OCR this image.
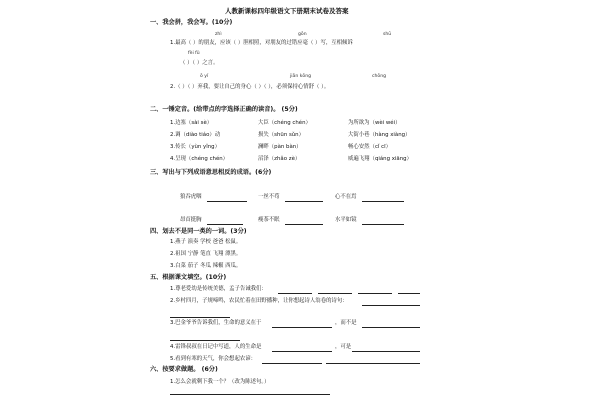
人教新课标四年级语文下册期末试卷及答案
一、我会拼，我会写。(10分)
zhì	gōn	shū
1.最高（ ）的朋友，应该（ ）胆相照，对朋友的过错应毫（ ）写，互相倾诉
fèi fǔ
（ ）（ ）之言。
ō yǐ	jiān kōng	chōng
2.（ ）（ ）弃我，要让自己的身心（ ）（ ），必须保持心情舒（ ）。
二、一锤定音。(给带点的字选择正确的读音)。 (5分)
1.边塞（sài sè）	大臣（chéng chén）	为所欲为（wèi wéi）
2.调（diào tiáo）动	损失（shūn sǔn）	大街小巷（hàng xiàng）
3.传长（yùn yǐng）	澜畔（pàn bàn）	畅心安然（cǐ cī）
4.呈现（chéng chén）	沼泽（zhǎo zè）	威遍飞翔（qiáng xiāng）
三、写出与下列成语意思相反的成语。(6分)
狼吞虎咽	一丝不苟	心不在焉
昂首挺胸	瘦茶不眠	水平如镜
四、划去不是同一类的一词。(3分)
1.燕子 演奏 学校 爸爸 松鼠。
2.祖国 宁静 笔直 飞翔 漂黑。
3.白菜 茄子 冬瓜 辣椒 西瓜。
五、根据课文填空。(10分)
1.尊老爱幼是传统美德，孟子告诫我们：
2.乡村四月，子规啼鸣，农民忙着在田野播种，让你想起诗人翁卷的诗句：
3.巴金爷爷告诉我们，生命的意义在于	，而不是
4.雷锋叔叔在日记中写道，人的生命是	，可是
5.看到有寒的天气，你会想起农谚：
六、按要求做题。 (6分)
1.怎么会就剩下我一个？（改为陈述句。）
